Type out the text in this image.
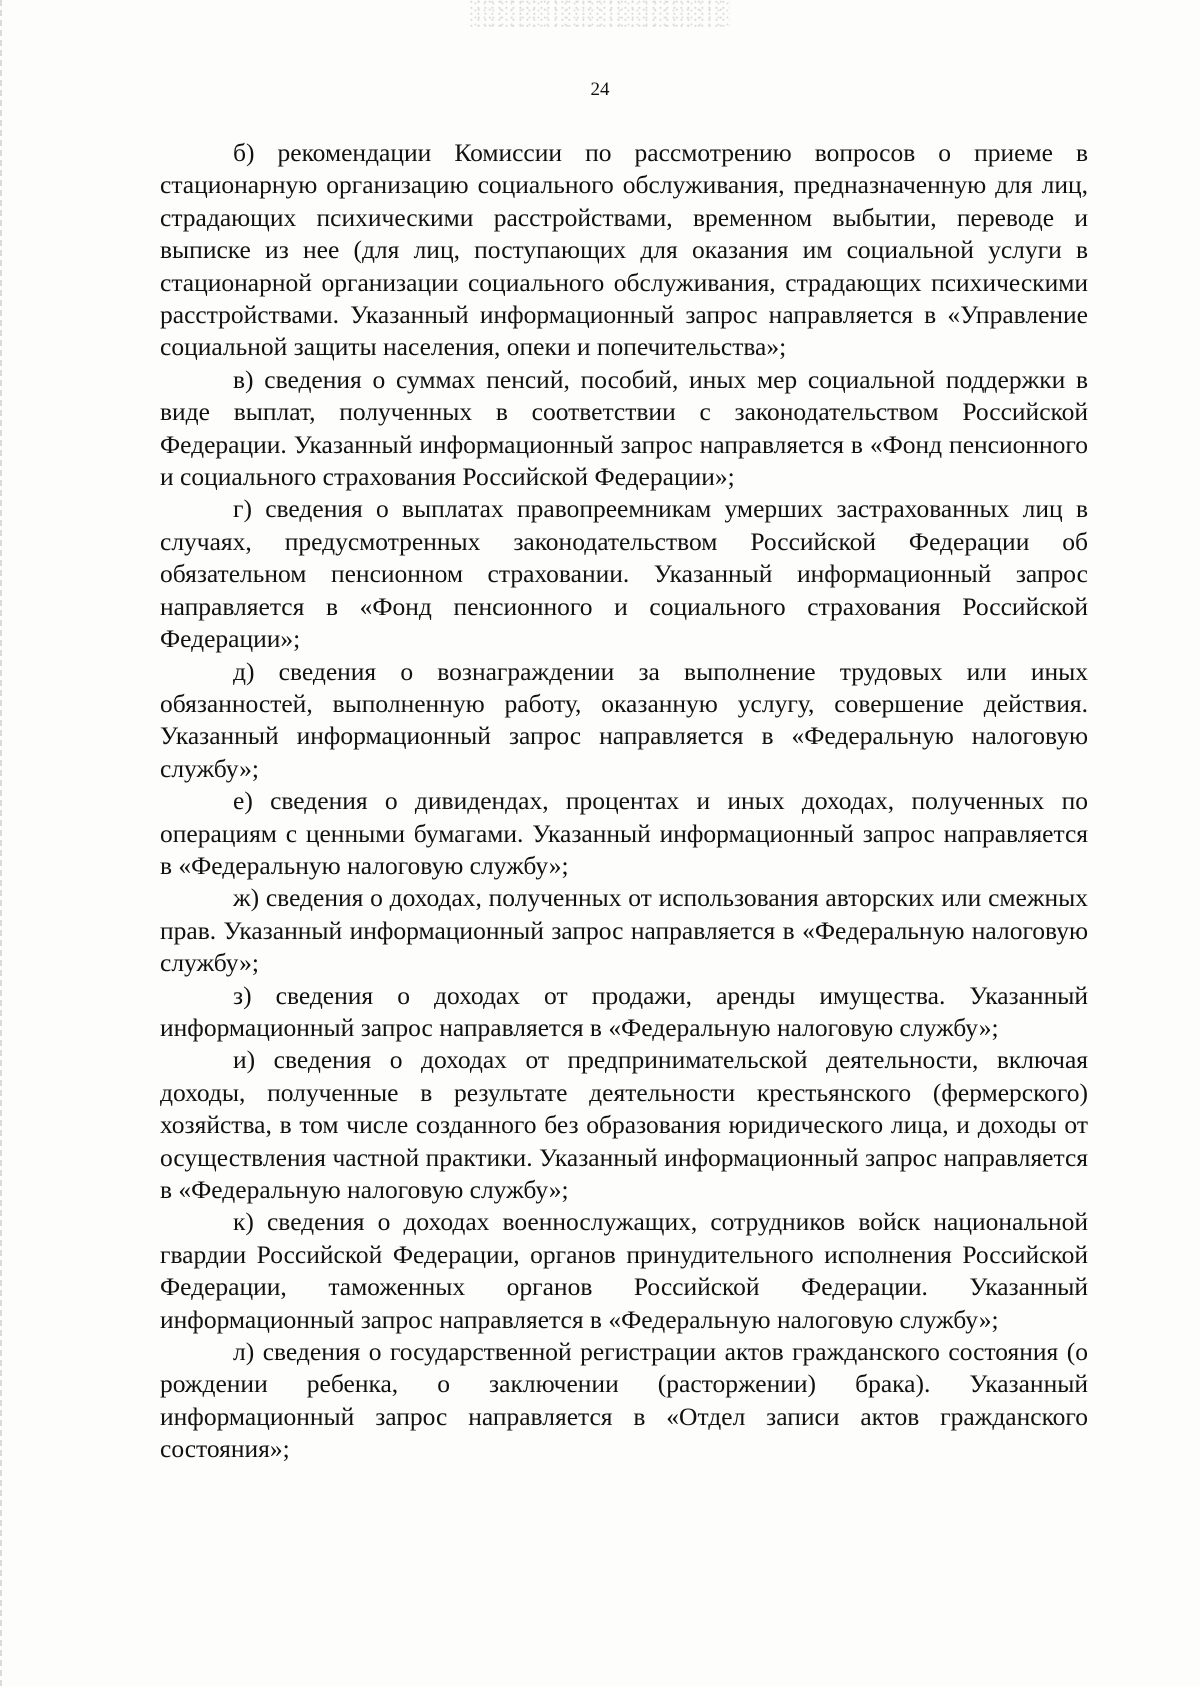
24

б) рекомендации Комиссии по рассмотрению вопросов о приеме в стационарную организацию социального обслуживания, предназначенную для лиц, страдающих психическими расстройствами, временном выбытии, переводе и выписке из нее (для лиц, поступающих для оказания им социальной услуги в стационарной организации социального обслуживания, страдающих психическими расстройствами. Указанный информационный запрос направляется в «Управление социальной защиты населения, опеки и попечительства»;

в) сведения о суммах пенсий, пособий, иных мер социальной поддержки в виде выплат, полученных в соответствии с законодательством Российской Федерации. Указанный информационный запрос направляется в «Фонд пенсионного и социального страхования Российской Федерации»;

г) сведения о выплатах правопреемникам умерших застрахованных лиц в случаях, предусмотренных законодательством Российской Федерации об обязательном пенсионном страховании. Указанный информационный запрос направляется в «Фонд пенсионного и социального страхования Российской Федерации»;

д) сведения о вознаграждении за выполнение трудовых или иных обязанностей, выполненную работу, оказанную услугу, совершение действия. Указанный информационный запрос направляется в «Федеральную налоговую службу»;

е) сведения о дивидендах, процентах и иных доходах, полученных по операциям с ценными бумагами. Указанный информационный запрос направляется в «Федеральную налоговую службу»;

ж) сведения о доходах, полученных от использования авторских или смежных прав. Указанный информационный запрос направляется в «Федеральную налоговую службу»;

з) сведения о доходах от продажи, аренды имущества. Указанный информационный запрос направляется в «Федеральную налоговую службу»;

и) сведения о доходах от предпринимательской деятельности, включая доходы, полученные в результате деятельности крестьянского (фермерского) хозяйства, в том числе созданного без образования юридического лица, и доходы от осуществления частной практики. Указанный информационный запрос направляется в «Федеральную налоговую службу»;

к) сведения о доходах военнослужащих, сотрудников войск национальной гвардии Российской Федерации, органов принудительного исполнения Российской Федерации, таможенных органов Российской Федерации. Указанный информационный запрос направляется в «Федеральную налоговую службу»;

л) сведения о государственной регистрации актов гражданского состояния (о рождении ребенка, о заключении (расторжении) брака). Указанный информационный запрос направляется в «Отдел записи актов гражданского состояния»;
